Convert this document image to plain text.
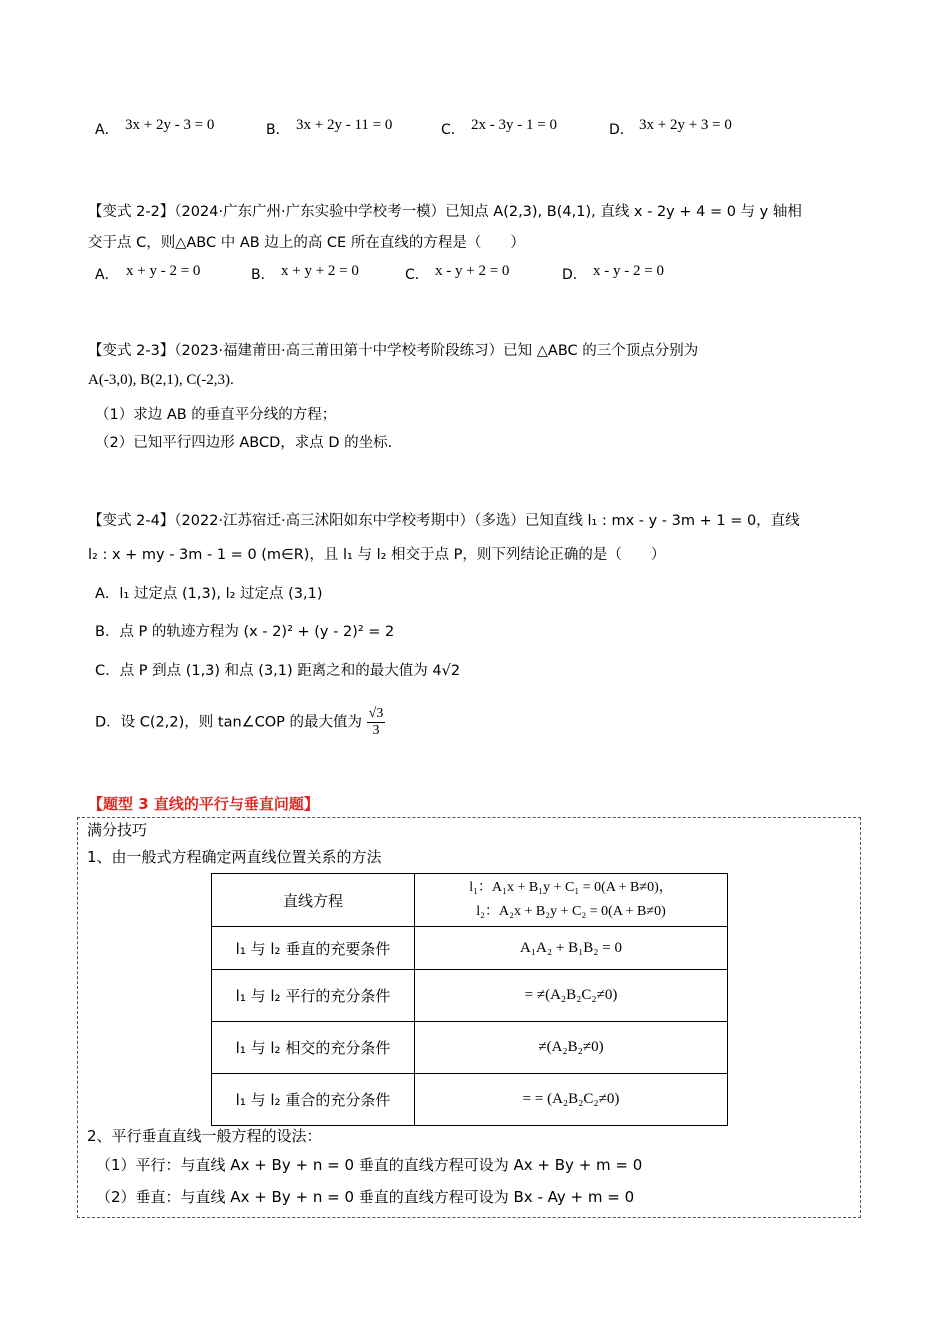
A． 3x + 2y - 3 = 0	B． 3x + 2y - 11 = 0	C． 2x - 3y - 1 = 0	D． 3x + 2y + 3 = 0
【变式 2-2】（2024·广东广州·广东实验中学校考一模）已知点 A(2,3), B(4,1), 直线 x - 2y + 4 = 0 与 y 轴相
交于点 C，则△ABC 中 AB 边上的高 CE 所在直线的方程是（　　）
A． x + y - 2 = 0	B． x + y + 2 = 0	C． x - y + 2 = 0	D． x - y - 2 = 0
【变式 2-3】（2023·福建莆田·高三莆田第十中学校考阶段练习）已知 △ABC 的三个顶点分别为
A(-3,0), B(2,1), C(-2,3).
（1）求边 AB 的垂直平分线的方程；
（2）已知平行四边形 ABCD，求点 D 的坐标.
【变式 2-4】（2022·江苏宿迁·高三沭阳如东中学校考期中）（多选）已知直线 l₁ : mx - y - 3m + 1 = 0，直线
l₂ : x + my - 3m - 1 = 0 (m∈R)，且 l₁ 与 l₂ 相交于点 P，则下列结论正确的是（　　）
A．l₁ 过定点 (1,3), l₂ 过定点 (3,1)
B．点 P 的轨迹方程为 (x - 2)² + (y - 2)² = 2
C．点 P 到点 (1,3) 和点 (3,1) 距离之和的最大值为 4√2
D．设 C(2,2)，则 tan∠COP 的最大值为 $\frac{√3}{3}$
【题型 3 直线的平行与垂直问题】
满分技巧
1、由一般式方程确定两直线位置关系的方法
直线方程	l₁：A₁x + B₁y + C₁ = 0(A + B≠0)，
l₂：A₂x + B₂y + C₂ = 0(A + B≠0)

l₁ 与 l₂ 垂直的充要条件	A₁A₂ + B₁B₂ = 0
l₁ 与 l₂ 平行的充分条件	= ≠(A₂B₂C₂≠0)
l₁ 与 l₂ 相交的充分条件	≠(A₂B₂≠0)
l₁ 与 l₂ 重合的充分条件	= = (A₂B₂C₂≠0)
2、平行垂直直线一般方程的设法：
（1）平行：与直线 Ax + By + n = 0 垂直的直线方程可设为 Ax + By + m = 0
（2）垂直：与直线 Ax + By + n = 0 垂直的直线方程可设为 Bx - Ay + m = 0
